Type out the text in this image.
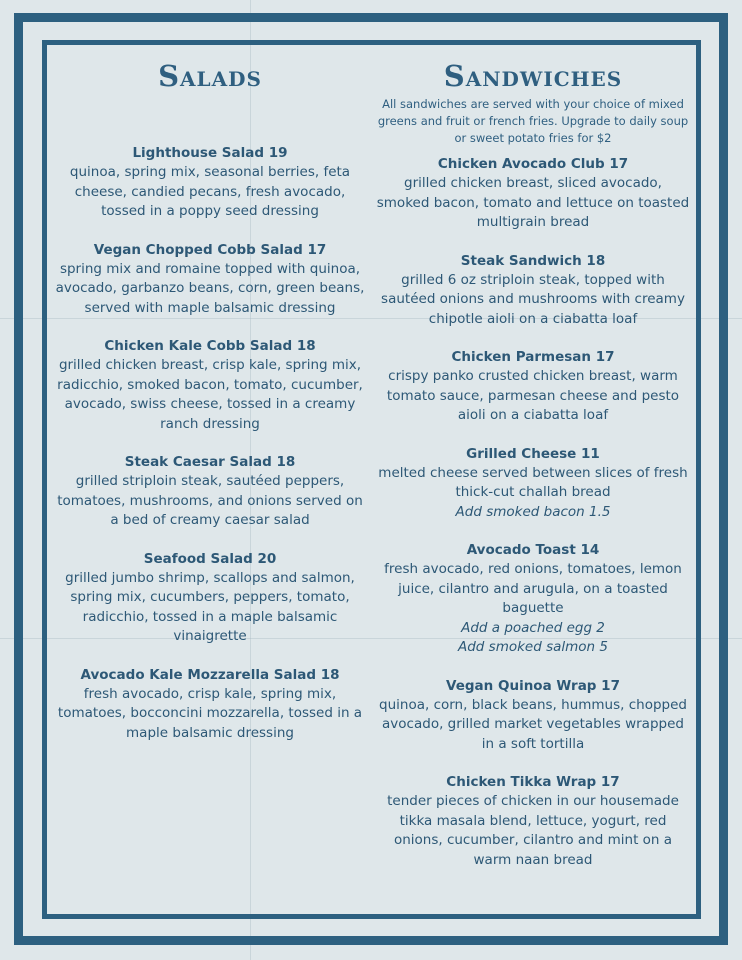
Salads
Lighthouse Salad 19
quinoa, spring mix, seasonal berries, feta cheese, candied pecans, fresh avocado, tossed in a poppy seed dressing
Vegan Chopped Cobb Salad 17
spring mix and romaine topped with quinoa, avocado, garbanzo beans, corn, green beans, served with maple balsamic dressing
Chicken Kale Cobb Salad 18
grilled chicken breast, crisp kale, spring mix, radicchio, smoked bacon, tomato, cucumber, avocado, swiss cheese, tossed in a creamy ranch dressing
Steak Caesar Salad 18
grilled striploin steak, sautéed peppers, tomatoes, mushrooms, and onions served on a bed of creamy caesar salad
Seafood Salad 20
grilled jumbo shrimp, scallops and salmon, spring mix, cucumbers, peppers, tomato, radicchio, tossed in a maple balsamic vinaigrette
Avocado Kale Mozzarella Salad 18
fresh avocado, crisp kale, spring mix, tomatoes, bocconcini mozzarella, tossed in a maple balsamic dressing
Sandwiches

All sandwiches are served with your choice of mixed greens and fruit or french fries. Upgrade to daily soup or sweet potato fries for $2

Chicken Avocado Club 17
grilled chicken breast, sliced avocado, smoked bacon, tomato and lettuce on toasted multigrain bread
Steak Sandwich 18
grilled 6 oz striploin steak, topped with sautéed onions and mushrooms with creamy chipotle aioli on a ciabatta loaf
Chicken Parmesan 17
crispy panko crusted chicken breast, warm tomato sauce, parmesan cheese and pesto aioli on a ciabatta loaf
Grilled Cheese 11
melted cheese served between slices of fresh thick-cut challah bread
Add smoked bacon 1.5
Avocado Toast 14
fresh avocado, red onions, tomatoes, lemon juice, cilantro and arugula, on a toasted baguette
Add a poached egg 2
Add smoked salmon 5
Vegan Quinoa Wrap 17
quinoa, corn, black beans, hummus, chopped avocado, grilled market vegetables wrapped in a soft tortilla
Chicken Tikka Wrap 17
tender pieces of chicken in our housemade tikka masala blend, lettuce, yogurt, red onions, cucumber, cilantro and mint on a warm naan bread
